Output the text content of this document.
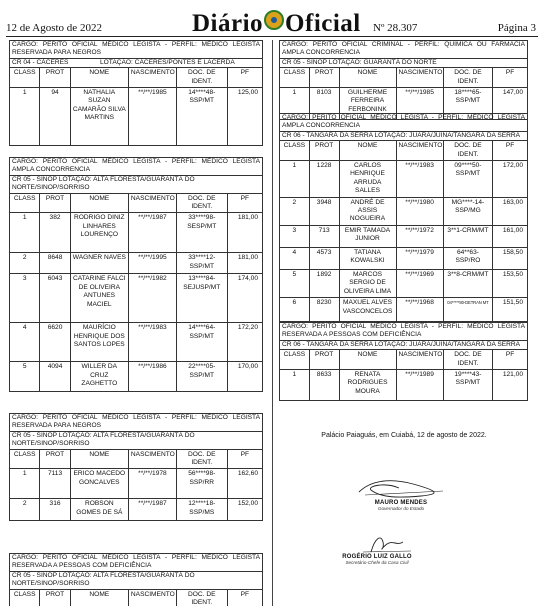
12 de Agosto de 2022	Diário Oficial Nº 28.307	Página 3
CARGO: PERITO OFICIAL MÉDICO LEGISTA - PERFIL: MÉDICO LEGISTA RESERVADA PARA NEGROS
CR 04 - CÁCERES	LOTAÇÃO: CÁCERES/PONTES E LACERDA
CLASS	PROT	NOME	NASCIMENTO	DOC. DE IDENT.	PF
1	94	NATHALIA SUZAN CAMARÃO SILVA MARTINS	**/**/1985	14****48-SSP/MT	125,00
CARGO: PERITO OFICIAL MÉDICO LEGISTA - PERFIL: MÉDICO LEGISTA AMPLA CONCORRENCIA
CR 05 - SINOP LOTAÇÃO: ALTA FLORESTA/GUARANTÃ DO NORTE/SINOP/SORRISO
CLASS	PROT	NOME	NASCIMENTO	DOC. DE IDENT.	PF
1	382	RODRIGO DINIZ LINHARES LOURENÇO	**/**/1987	33****98-SESP/MT	181,00
2	8648	WAGNER NAVES	**/**/1995	33****12-SSP/MT	181,00
3	6043	CATARINE FALCI DE OLIVEIRA ANTUNES MACIEL	**/**/1982	13****84-SEJUSP/MT	174,00
4	6620	MAURÍCIO HENRIQUE DOS SANTOS LOPES	**/**/1983	14****64-SSP/MT	172,20
5	4094	WILLER DA CRUZ ZAGHETTO	**/**/1986	22****05-SSP/MT	170,00
CARGO: PERITO OFICIAL MÉDICO LEGISTA - PERFIL: MÉDICO LEGISTA RESERVADA PARA NEGROS
CR 05 - SINOP LOTAÇÃO: ALTA FLORESTA/GUARANTÃ DO NORTE/SINOP/SORRISO
CLASS	PROT	NOME	NASCIMENTO	DOC. DE IDENT.	PF
1	7113	ERICO MACEDO GONCALVES	**/**/1978	56****98-SSP/RR	162,60
2	316	ROBSON GOMES DE SÁ	**/**/1987	12****18-SSP/MS	152,00
CARGO: PERITO OFICIAL MÉDICO LEGISTA - PERFIL: MÉDICO LEGISTA RESERVADA A PESSOAS COM DEFICIÊNCIA
CR 05 - SINOP LOTAÇÃO: ALTA FLORESTA/GUARANTÃ DO NORTE/SINOP/SORRISO
CLASS	PROT	NOME	NASCIMENTO	DOC. DE IDENT.	PF
CARGO: PERITO OFICIAL CRIMINAL - PERFIL: QUIMICA OU FARMACIA AMPLA CONCORRENCIA
CR 05 - SINOP LOTAÇÃO: GUARANTÃ DO NORTE
CLASS	PROT	NOME	NASCIMENTO	DOC. DE IDENT.	PF
1	8103	GUILHERME FERREIRA FERBONINK	**/**/1985	18****65-SSP/MT	147,00
CARGO: PERITO OFICIAL MÉDICO LEGISTA - PERFIL: MÉDICO LEGISTA AMPLA CONCORRENCIA
CR 06 - TANGARÁ DA SERRA LOTAÇÃO: JUARA/JUINA/TANGARÁ DA SERRA
CLASS	PROT	NOME	NASCIMENTO	DOC. DE IDENT.	PF
1	1228	CARLOS HENRIQUE ARRUDA SALLES	**/**/1983	09****50-SSP/MT	172,00
2	3948	ANDRÉ DE ASSIS NOGUEIRA	**/**/1980	MG****-14-SSP/MG	163,00
3	713	EMIR TAMADA JUNIOR	**/**/1972	3**1-CRM/MT	161,00
4	4573	TATIANA KOWALSKI	**/**/1979	64**63-SSP/RO	158,50
5	1892	MARCOS SERGIO DE OLIVEIRA LIMA	**/**/1969	3**8-CRM/MT	153,50
6	8230	MAXUEL ALVES VASCONCELOS	**/**/1968	04*****80-DETRAN MT	151,50
CARGO: PERITO OFICIAL MÉDICO LEGISTA - PERFIL: MÉDICO LEGISTA RESERVADA A PESSOAS COM DEFICIÊNCIA
CR 06 - TANGARÁ DA SERRA LOTAÇÃO: JUARA/JUINA/TANGARÁ DA SERRA
CLASS	PROT	NOME	NASCIMENTO	DOC. DE IDENT.	PF
1	8633	RENATA RODRIGUES MOURA	**/**/1989	19****43-SSP/MT	121,00
Palácio Paiaguás, em Cuiabá, 12 de agosto de 2022.
MAURO MENDES
Governador do Estado
ROGÉRIO LUIZ GALLO
Secretário-Chefe da Casa Civil
